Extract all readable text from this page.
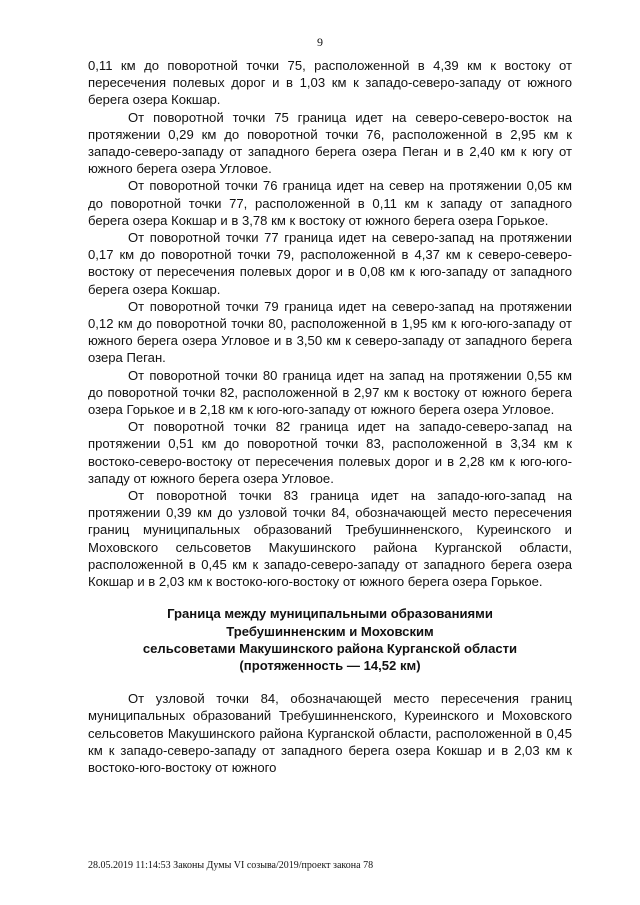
9

0,11 км до поворотной точки 75, расположенной в 4,39 км к востоку от пересечения полевых дорог и в 1,03 км к западо-северо-западу от южного берега озера Кокшар.

От поворотной точки 75 граница идет на северо-северо-восток на протяжении 0,29 км до поворотной точки 76, расположенной в 2,95 км к западо-северо-западу от западного берега озера Пеган и в 2,40 км к югу от южного берега озера Угловое.

От поворотной точки 76 граница идет на север на протяжении 0,05 км до поворотной точки 77, расположенной в 0,11 км к западу от западного берега озера Кокшар и в 3,78 км к востоку от южного берега озера Горькое.

От поворотной точки 77 граница идет на северо-запад на протяжении 0,17 км до поворотной точки 79, расположенной в 4,37 км к северо-северо-востоку от пересечения полевых дорог и в 0,08 км к юго-западу от западного берега озера Кокшар.

От поворотной точки 79 граница идет на северо-запад на протяжении 0,12 км до поворотной точки 80, расположенной в 1,95 км к юго-юго-западу от южного берега озера Угловое и в 3,50 км к северо-западу от западного берега озера Пеган.

От поворотной точки 80 граница идет на запад на протяжении 0,55 км до поворотной точки 82, расположенной в 2,97 км к востоку от южного берега озера Горькое и в 2,18 км к юго-юго-западу от южного берега озера Угловое.

От поворотной точки 82 граница идет на западо-северо-запад на протяжении 0,51 км до поворотной точки 83, расположенной в 3,34 км к востоко-северо-востоку от пересечения полевых дорог и в 2,28 км к юго-юго-западу от южного берега озера Угловое.

От поворотной точки 83 граница идет на западо-юго-запад на протяжении 0,39 км до узловой точки 84, обозначающей место пересечения границ муниципальных образований Требушинненского, Куреинского и Моховского сельсоветов Макушинского района Курганской области, расположенной в 0,45 км к западо-северо-западу от западного берега озера Кокшар и в 2,03 км к востоко-юго-востоку от южного берега озера Горькое.

Граница между муниципальными образованиями
Требушинненским и Моховским
сельсоветами Макушинского района Курганской области
(протяженность — 14,52 км)

От узловой точки 84, обозначающей место пересечения границ муниципальных образований Требушинненского, Куреинского и Моховского сельсоветов Макушинского района Курганской области, расположенной в 0,45 км к западо-северо-западу от западного берега озера Кокшар и в 2,03 км к востоко-юго-востоку от южного

28.05.2019 11:14:53 Законы Думы VI созыва/2019/проект закона 78
